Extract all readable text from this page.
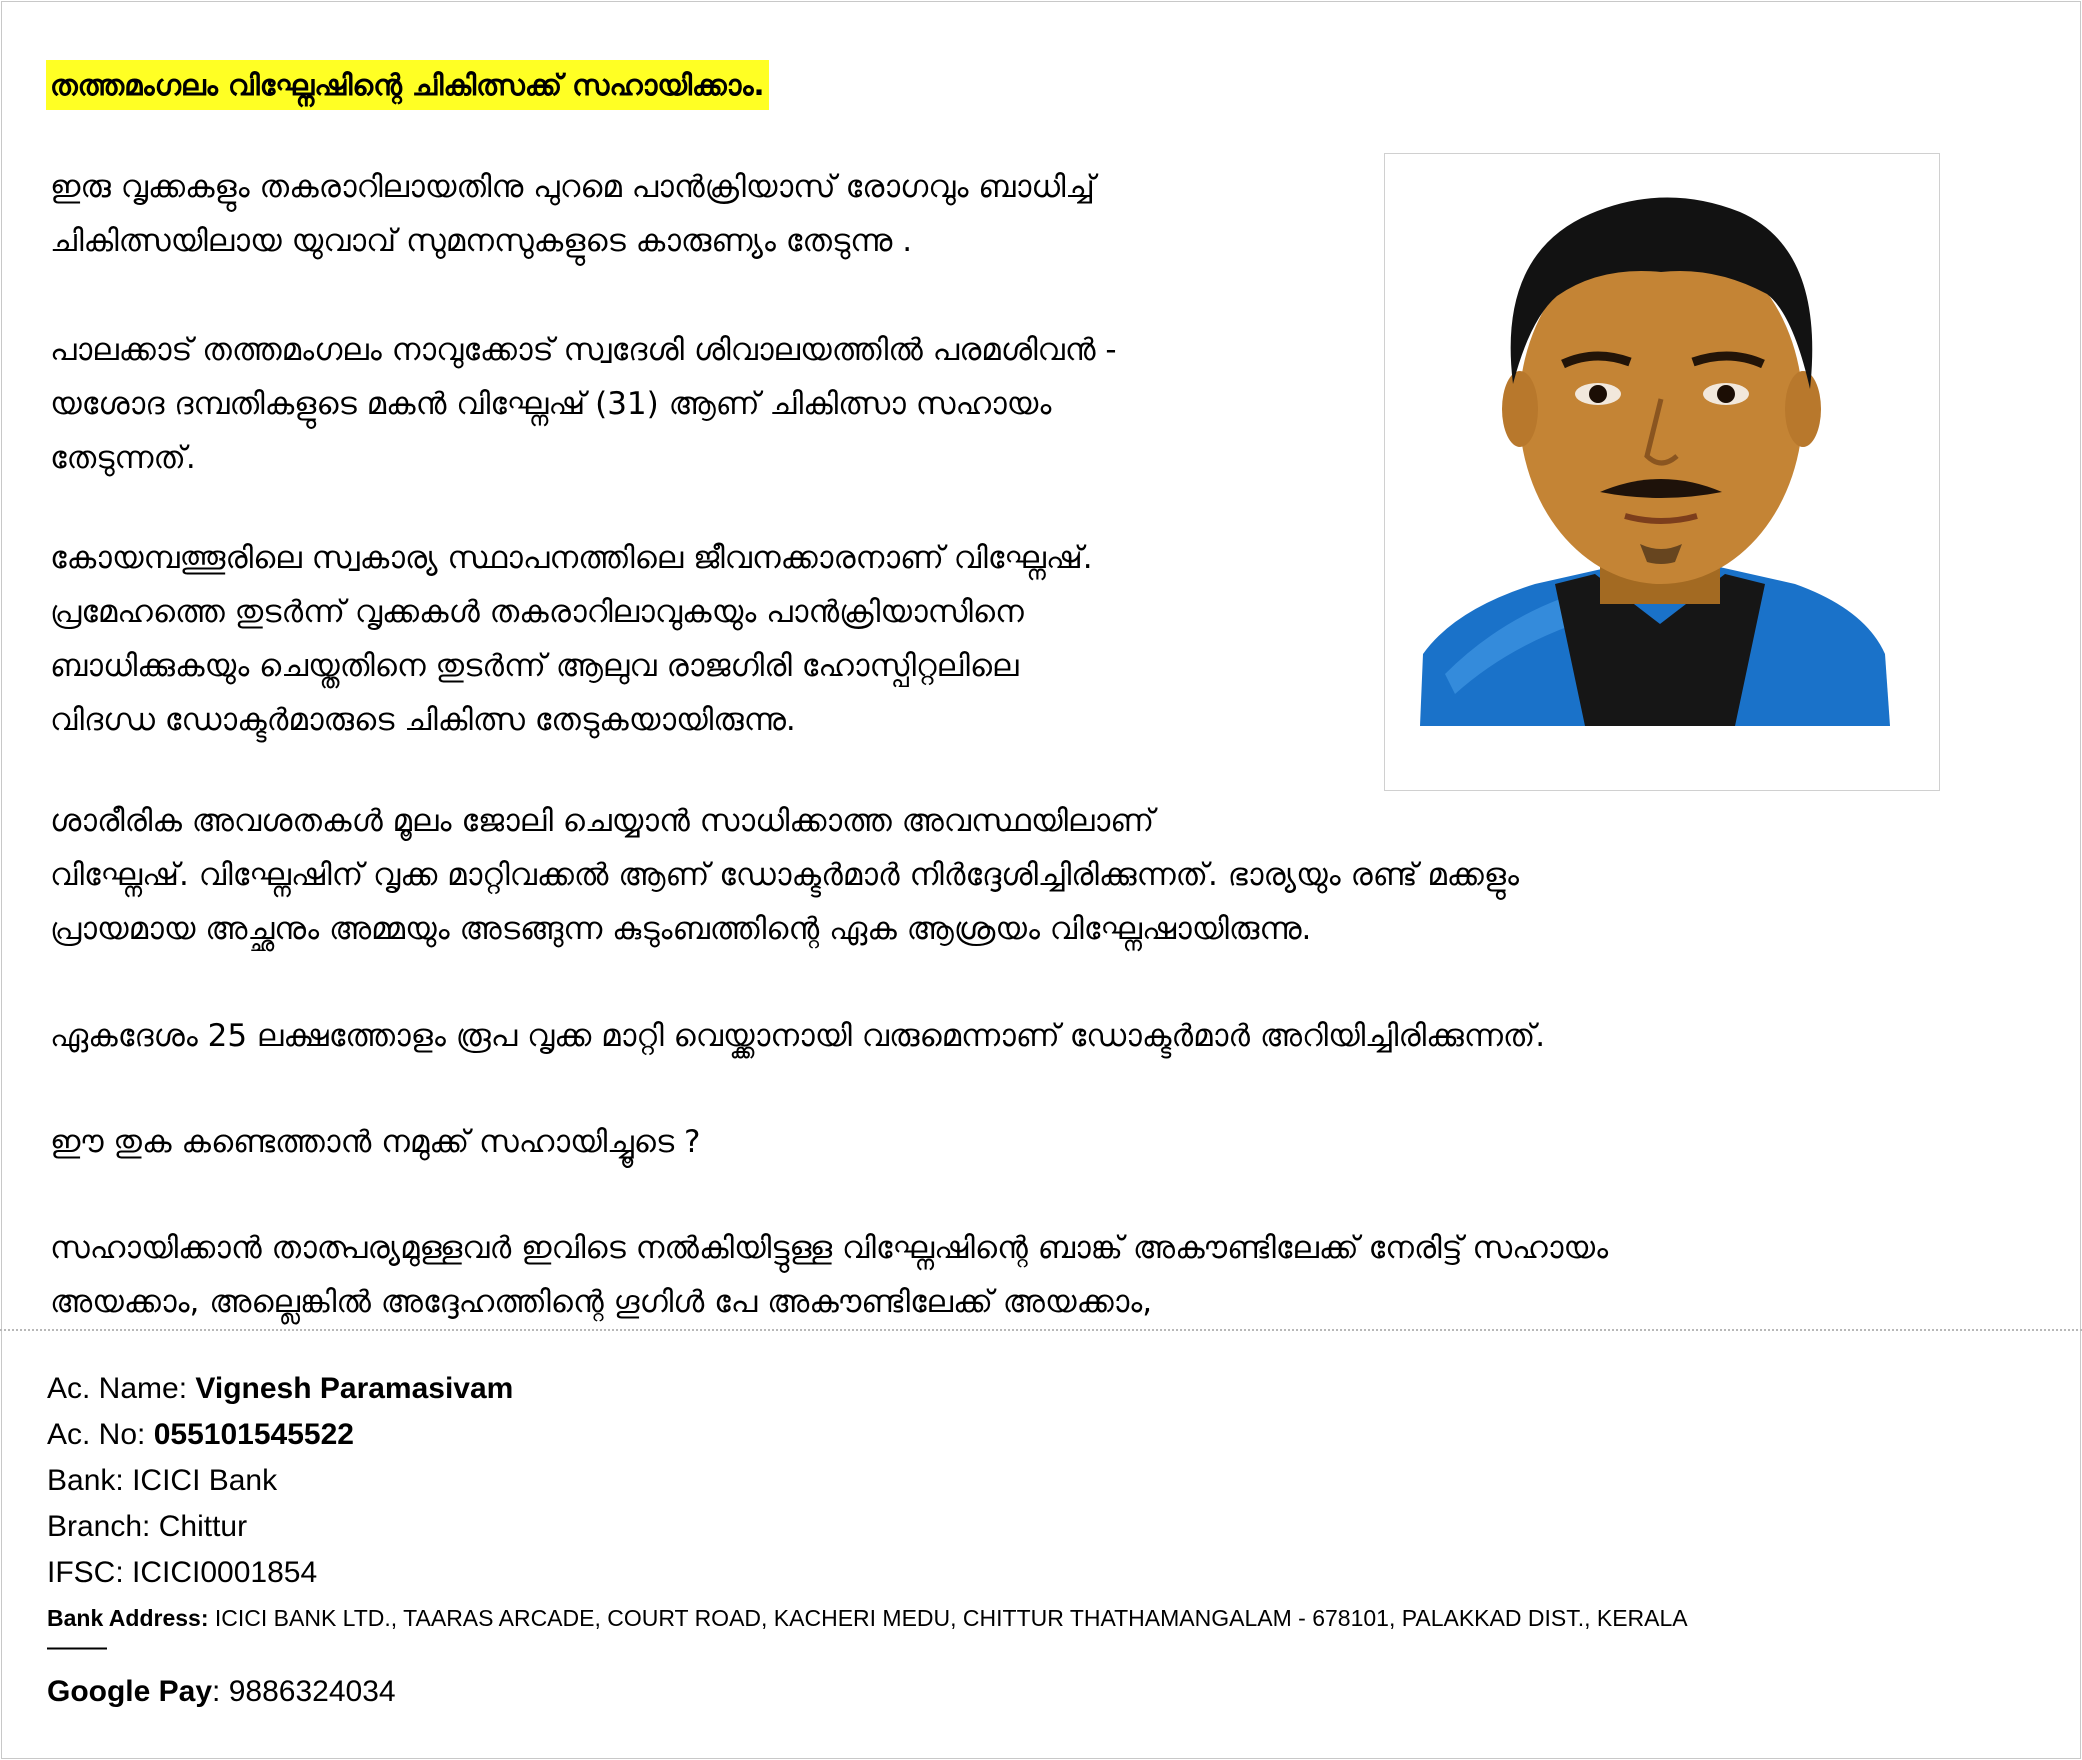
തത്തമംഗലം വിഘ്നേഷിന്റെ ചികിത്സക്ക് സഹായിക്കാം.
ഇരു വൃക്കകളും തകരാറിലായതിനു പുറമെ പാൻക്രിയാസ് രോഗവും ബാധിച്ച്
ചികിത്സയിലായ യുവാവ് സുമനസുകളുടെ കാരുണ്യം തേടുന്നു .
പാലക്കാട് തത്തമംഗലം നാവുക്കോട് സ്വദേശി ശിവാലയത്തിൽ പരമശിവൻ -
യശോദ ദമ്പതികളുടെ മകൻ വിഘ്നേഷ് (31) ആണ് ചികിത്സാ സഹായം
തേടുന്നത്.
കോയമ്പത്തൂരിലെ സ്വകാര്യ സ്ഥാപനത്തിലെ ജീവനക്കാരനാണ് വിഘ്നേഷ്.
പ്രമേഹത്തെ തുടർന്ന് വൃക്കകൾ തകരാറിലാവുകയും പാൻക്രിയാസിനെ
ബാധിക്കുകയും ചെയ്തതിനെ തുടർന്ന് ആലുവ രാജഗിരി ഹോസ്പിറ്റലിലെ
വിദഗ്ധ ഡോക്ടർമാരുടെ ചികിത്സ തേടുകയായിരുന്നു.
ശാരീരിക അവശതകൾ മൂലം ജോലി ചെയ്യാൻ സാധിക്കാത്ത അവസ്ഥയിലാണ്
വിഘ്നേഷ്. വിഘ്നേഷിന് വൃക്ക മാറ്റിവക്കൽ ആണ് ഡോക്ടർമാർ നിർദ്ദേശിച്ചിരിക്കുന്നത്. ഭാര്യയും രണ്ട് മക്കളും
പ്രായമായ അച്ഛനും അമ്മയും അടങ്ങുന്ന കുടുംബത്തിന്റെ ഏക ആശ്രയം വിഘ്നേഷായിരുന്നു.
ഏകദേശം 25 ലക്ഷത്തോളം രൂപ വൃക്ക മാറ്റി വെയ്ക്കാനായി വരുമെന്നാണ് ഡോക്ടർമാർ അറിയിച്ചിരിക്കുന്നത്.
ഈ തുക കണ്ടെത്താൻ നമുക്ക് സഹായിച്ചൂടെ ?
സഹായിക്കാൻ താത്പര്യമുള്ളവർ ഇവിടെ നൽകിയിട്ടുള്ള വിഘ്നേഷിന്റെ ബാങ്ക് അകൗണ്ടിലേക്ക് നേരിട്ട് സഹായം
അയക്കാം, അല്ലെങ്കിൽ അദ്ദേഹത്തിന്റെ ഗൂഗിൾ പേ അകൗണ്ടിലേക്ക് അയക്കാം,
Ac. Name: Vignesh Paramasivam
Ac. No: 055101545522
Bank: ICICI Bank
Branch: Chittur
IFSC: ICICI0001854
Bank Address: ICICI BANK LTD., TAARAS ARCADE, COURT ROAD, KACHERI MEDU, CHITTUR THATHAMANGALAM - 678101, PALAKKAD DIST., KERALA
——
Google Pay: 9886324034
